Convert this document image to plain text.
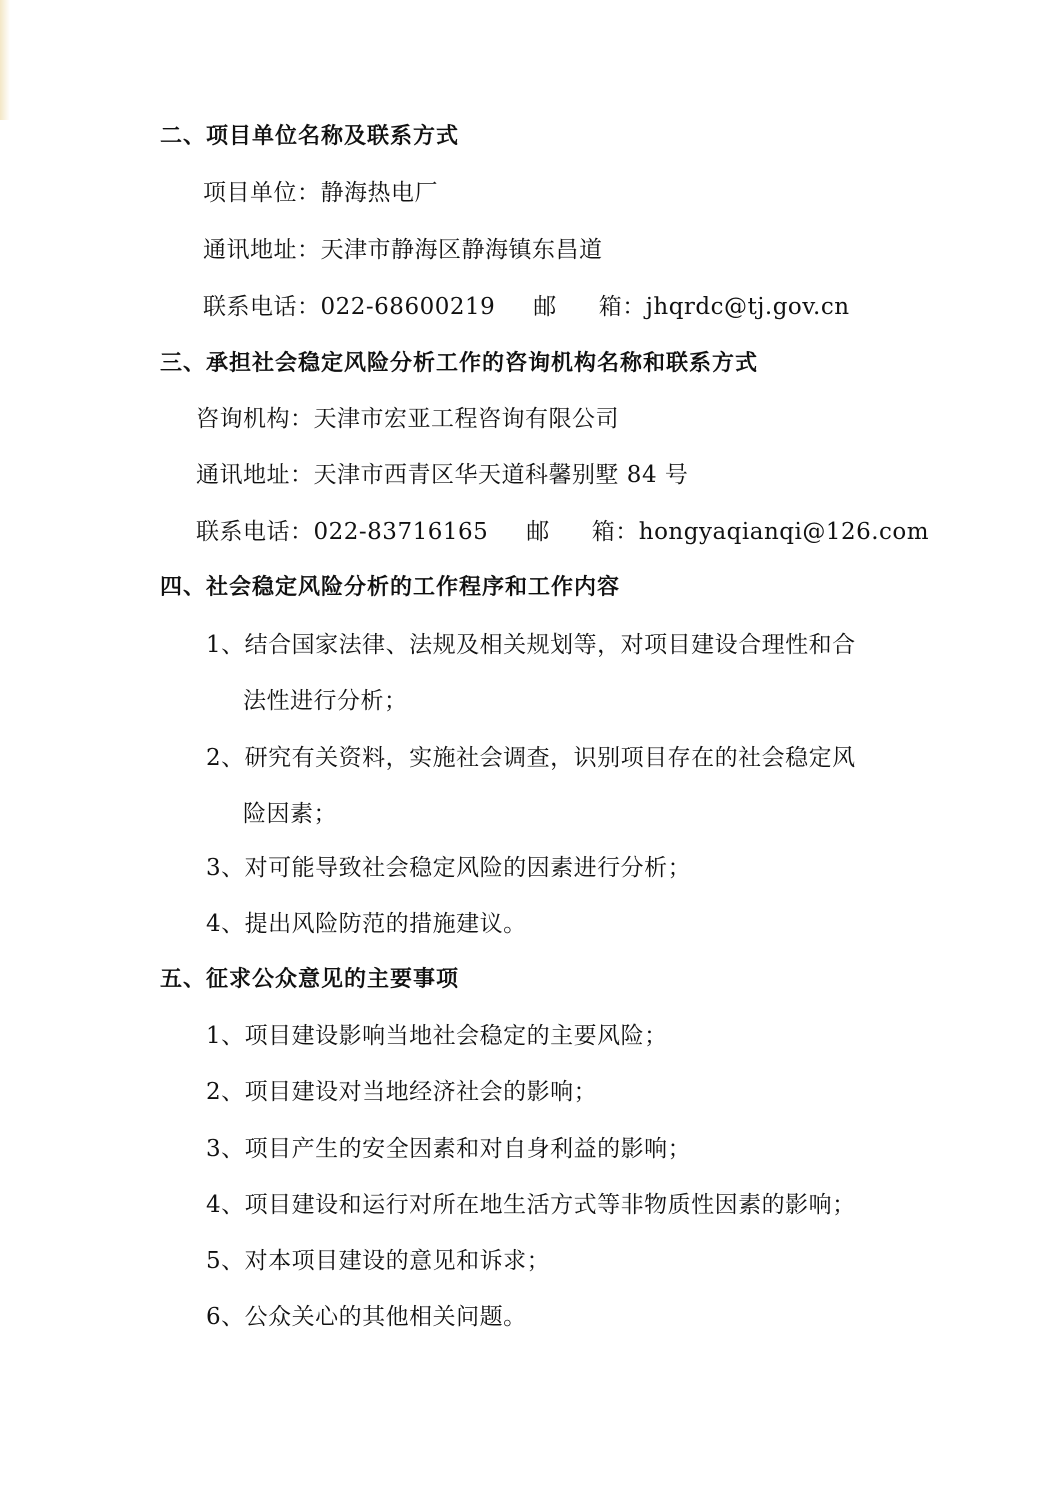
二、项目单位名称及联系方式
项目单位：静海热电厂
通讯地址：天津市静海区静海镇东昌道
联系电话：022-68600219 邮 箱：jhqrdc@tj.gov.cn
三、承担社会稳定风险分析工作的咨询机构名称和联系方式
咨询机构：天津市宏亚工程咨询有限公司
通讯地址：天津市西青区华天道科馨别墅 84 号
联系电话：022-83716165 邮 箱：hongyaqianqi@126.com
四、社会稳定风险分析的工作程序和工作内容
1、结合国家法律、法规及相关规划等，对项目建设合理性和合
法性进行分析；
2、研究有关资料，实施社会调查，识别项目存在的社会稳定风
险因素；
3、对可能导致社会稳定风险的因素进行分析；
4、提出风险防范的措施建议。
五、征求公众意见的主要事项
1、项目建设影响当地社会稳定的主要风险；
2、项目建设对当地经济社会的影响；
3、项目产生的安全因素和对自身利益的影响；
4、项目建设和运行对所在地生活方式等非物质性因素的影响；
5、对本项目建设的意见和诉求；
6、公众关心的其他相关问题。
